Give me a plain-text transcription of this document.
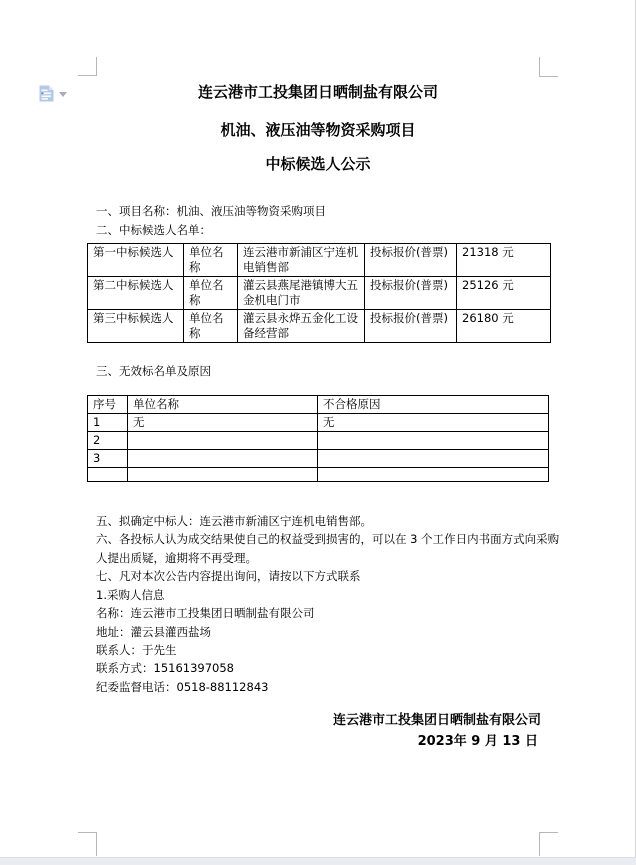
连云港市工投集团日晒制盐有限公司
机油、液压油等物资采购项目
中标候选人公示
一、项目名称：机油、液压油等物资采购项目
二、中标候选人名单：
第一中标候选人	单位名称	连云港市新浦区宁连机电销售部	投标报价(普票)	21318 元
第二中标候选人	单位名称	灌云县燕尾港镇博大五金机电门市	投标报价(普票)	25126 元
第三中标候选人	单位名称	灌云县永烨五金化工设备经营部	投标报价(普票)	26180 元
三、无效标名单及原因
序号	单位名称	不合格原因
1	无	无
2		
3		

五、拟确定中标人：连云港市新浦区宁连机电销售部。
六、各投标人认为成交结果使自己的权益受到损害的，可以在 3 个工作日内书面方式向采购
人提出质疑，逾期将不再受理。
七、凡对本次公告内容提出询问，请按以下方式联系
1.采购人信息
名称：连云港市工投集团日晒制盐有限公司
地址：灌云县灌西盐场
联系人：于先生
联系方式：15161397058
纪委监督电话：0518-88112843
连云港市工投集团日晒制盐有限公司
2023年 9 月 13 日
